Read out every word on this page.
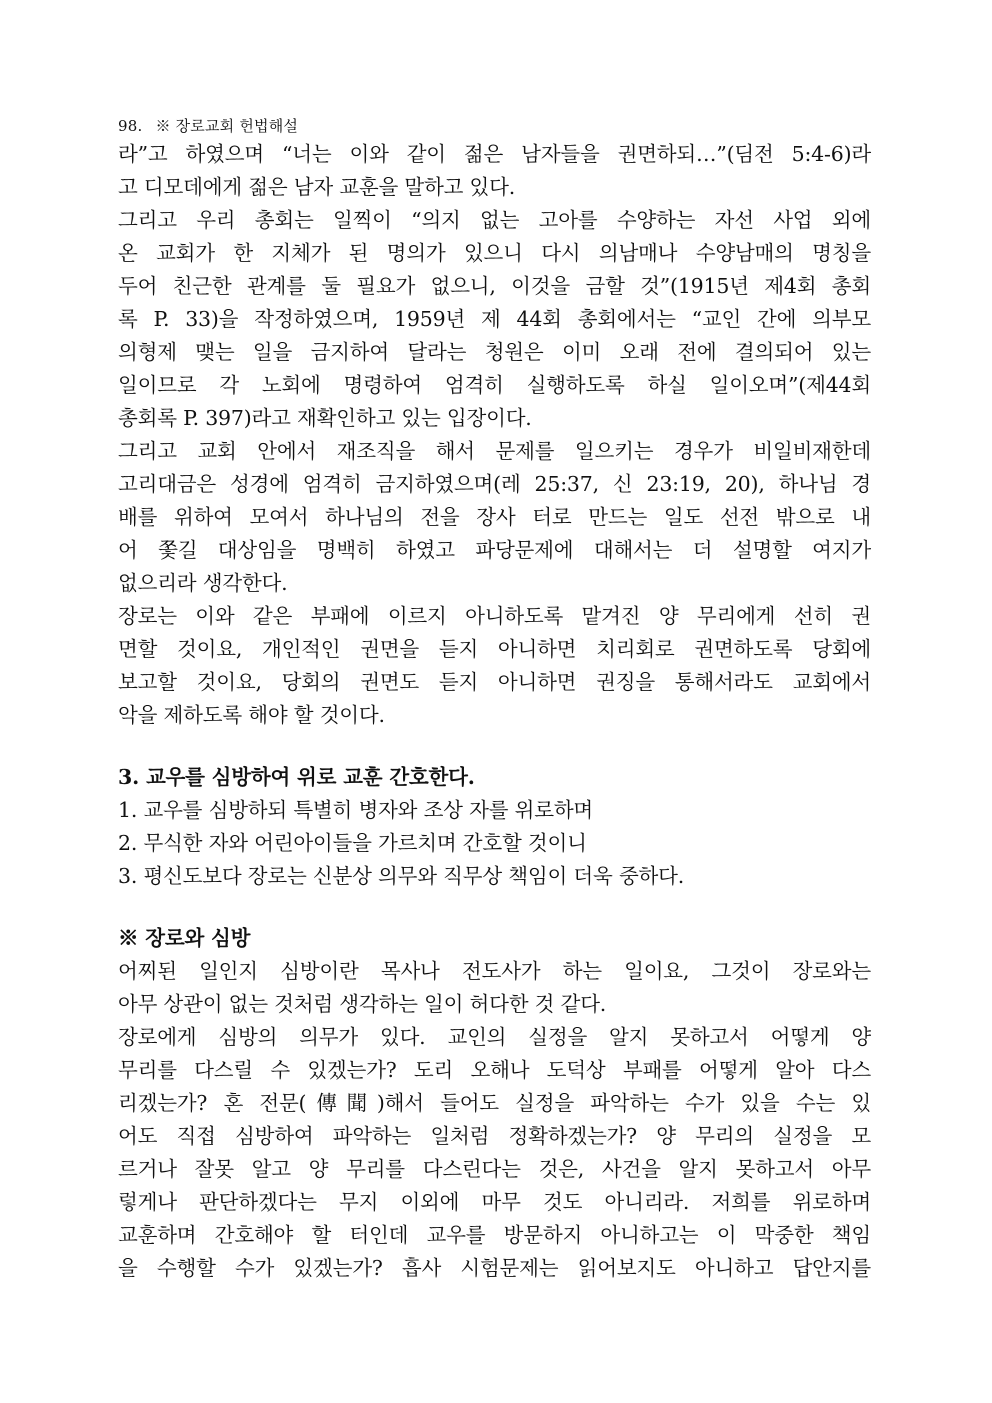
98. ※ 장로교회 헌법해설
라”고 하였으며 “너는 이와 같이 젊은 남자들을 권면하되…”(딤전 5:4-6)라
고 디모데에게 젊은 남자 교훈을 말하고 있다.
그리고 우리 총회는 일찍이 “의지 없는 고아를 수양하는 자선 사업 외에
온 교회가 한 지체가 된 명의가 있으니 다시 의남매나 수양남매의 명칭을
두어 친근한 관계를 둘 필요가 없으니, 이것을 금할 것”(1915년 제4회 총회
록 P. 33)을 작정하였으며, 1959년 제 44회 총회에서는 “교인 간에 의부모
의형제 맺는 일을 금지하여 달라는 청원은 이미 오래 전에 결의되어 있는
일이므로 각 노회에 명령하여 엄격히 실행하도록 하실 일이오며”(제44회
총회록 P. 397)라고 재확인하고 있는 입장이다.
그리고 교회 안에서 재조직을 해서 문제를 일으키는 경우가 비일비재한데
고리대금은 성경에 엄격히 금지하였으며(레 25:37, 신 23:19, 20), 하나님 경
배를 위하여 모여서 하나님의 전을 장사 터로 만드는 일도 선전 밖으로 내
어 쫓길 대상임을 명백히 하였고 파당문제에 대해서는 더 설명할 여지가
없으리라 생각한다.
장로는 이와 같은 부패에 이르지 아니하도록 맡겨진 양 무리에게 선히 권
면할 것이요, 개인적인 권면을 듣지 아니하면 치리회로 권면하도록 당회에
보고할 것이요, 당회의 권면도 듣지 아니하면 권징을 통해서라도 교회에서
악을 제하도록 해야 할 것이다.
3. 교우를 심방하여 위로 교훈 간호한다.
1. 교우를 심방하되 특별히 병자와 조상 자를 위로하며
2. 무식한 자와 어린아이들을 가르치며 간호할 것이니
3. 평신도보다 장로는 신분상 의무와 직무상 책임이 더욱 중하다.
※ 장로와 심방
어찌된 일인지 심방이란 목사나 전도사가 하는 일이요, 그것이 장로와는
아무 상관이 없는 것처럼 생각하는 일이 허다한 것 같다.
장로에게 심방의 의무가 있다. 교인의 실정을 알지 못하고서 어떻게 양
무리를 다스릴 수 있겠는가? 도리 오해나 도덕상 부패를 어떻게 알아 다스
리겠는가? 혼 전문(傳聞)해서 들어도 실정을 파악하는 수가 있을 수는 있
어도 직접 심방하여 파악하는 일처럼 정확하겠는가? 양 무리의 실정을 모
르거나 잘못 알고 양 무리를 다스린다는 것은, 사건을 알지 못하고서 아무
렇게나 판단하겠다는 무지 이외에 마무 것도 아니리라. 저희를 위로하며
교훈하며 간호해야 할 터인데 교우를 방문하지 아니하고는 이 막중한 책임
을 수행할 수가 있겠는가? 흡사 시험문제는 읽어보지도 아니하고 답안지를
